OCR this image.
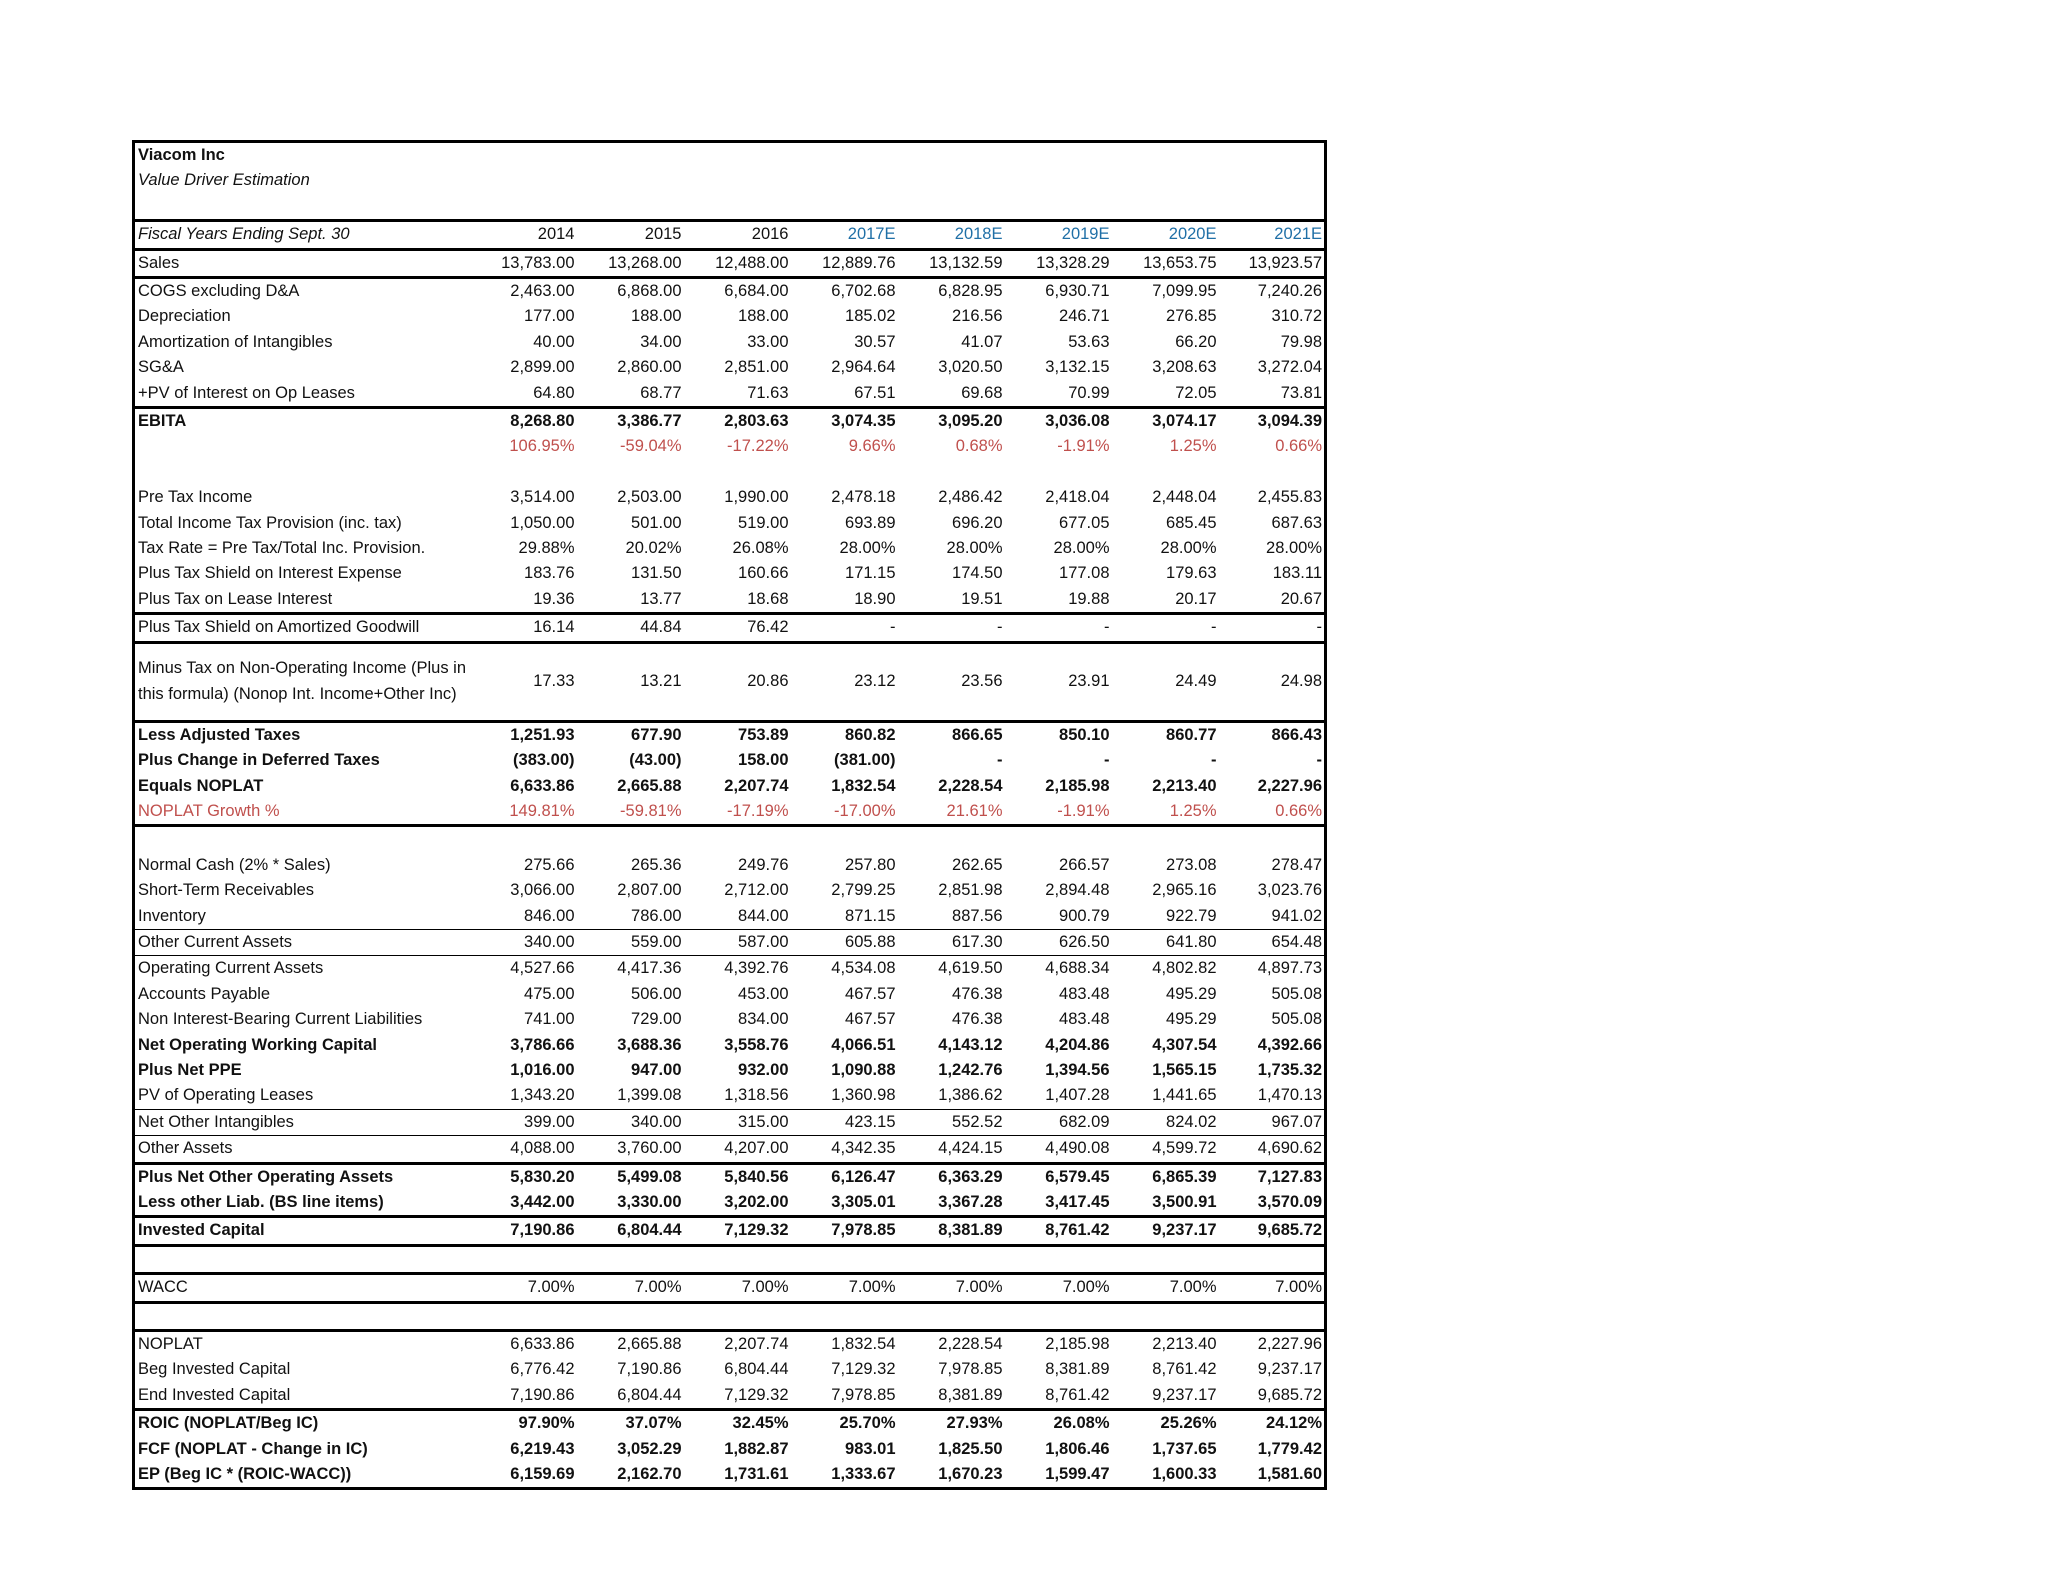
Viacom Inc								
Value Driver Estimation								

Fiscal Years Ending Sept. 30	2014	2015	2016	2017E	2018E	2019E	2020E	2021E
Sales	13,783.00	13,268.00	12,488.00	12,889.76	13,132.59	13,328.29	13,653.75	13,923.57
COGS excluding D&A	2,463.00	6,868.00	6,684.00	6,702.68	6,828.95	6,930.71	7,099.95	7,240.26
Depreciation	177.00	188.00	188.00	185.02	216.56	246.71	276.85	310.72
Amortization of Intangibles	40.00	34.00	33.00	30.57	41.07	53.63	66.20	79.98
SG&A	2,899.00	2,860.00	2,851.00	2,964.64	3,020.50	3,132.15	3,208.63	3,272.04
+PV of Interest on Op Leases	64.80	68.77	71.63	67.51	69.68	70.99	72.05	73.81
EBITA	8,268.80	3,386.77	2,803.63	3,074.35	3,095.20	3,036.08	3,074.17	3,094.39
	106.95%	-59.04%	-17.22%	9.66%	0.68%	-1.91%	1.25%	0.66%

Pre Tax Income	3,514.00	2,503.00	1,990.00	2,478.18	2,486.42	2,418.04	2,448.04	2,455.83
Total Income Tax Provision (inc. tax)	1,050.00	501.00	519.00	693.89	696.20	677.05	685.45	687.63
Tax Rate = Pre Tax/Total Inc. Provision.	29.88%	20.02%	26.08%	28.00%	28.00%	28.00%	28.00%	28.00%
Plus Tax Shield on Interest Expense	183.76	131.50	160.66	171.15	174.50	177.08	179.63	183.11
Plus Tax on Lease Interest	19.36	13.77	18.68	18.90	19.51	19.88	20.17	20.67
Plus Tax Shield on Amortized Goodwill	16.14	44.84	76.42	-	-	-	-	-
Minus Tax on Non-Operating Income (Plus in this formula) (Nonop Int. Income+Other Inc)	17.33	13.21	20.86	23.12	23.56	23.91	24.49	24.98
Less Adjusted Taxes	1,251.93	677.90	753.89	860.82	866.65	850.10	860.77	866.43
Plus Change in Deferred Taxes	(383.00)	(43.00)	158.00	(381.00)	-	-	-	-
Equals NOPLAT	6,633.86	2,665.88	2,207.74	1,832.54	2,228.54	2,185.98	2,213.40	2,227.96
NOPLAT Growth %	149.81%	-59.81%	-17.19%	-17.00%	21.61%	-1.91%	1.25%	0.66%

Normal Cash (2% * Sales)	275.66	265.36	249.76	257.80	262.65	266.57	273.08	278.47
Short-Term Receivables	3,066.00	2,807.00	2,712.00	2,799.25	2,851.98	2,894.48	2,965.16	3,023.76
Inventory	846.00	786.00	844.00	871.15	887.56	900.79	922.79	941.02
Other Current Assets	340.00	559.00	587.00	605.88	617.30	626.50	641.80	654.48
Operating Current Assets	4,527.66	4,417.36	4,392.76	4,534.08	4,619.50	4,688.34	4,802.82	4,897.73
Accounts Payable	475.00	506.00	453.00	467.57	476.38	483.48	495.29	505.08
Non Interest-Bearing Current Liabilities	741.00	729.00	834.00	467.57	476.38	483.48	495.29	505.08
Net Operating Working Capital	3,786.66	3,688.36	3,558.76	4,066.51	4,143.12	4,204.86	4,307.54	4,392.66
Plus Net PPE	1,016.00	947.00	932.00	1,090.88	1,242.76	1,394.56	1,565.15	1,735.32
PV of Operating Leases	1,343.20	1,399.08	1,318.56	1,360.98	1,386.62	1,407.28	1,441.65	1,470.13
Net Other Intangibles	399.00	340.00	315.00	423.15	552.52	682.09	824.02	967.07
Other Assets	4,088.00	3,760.00	4,207.00	4,342.35	4,424.15	4,490.08	4,599.72	4,690.62
Plus Net Other Operating Assets	5,830.20	5,499.08	5,840.56	6,126.47	6,363.29	6,579.45	6,865.39	7,127.83
Less other Liab. (BS line items)	3,442.00	3,330.00	3,202.00	3,305.01	3,367.28	3,417.45	3,500.91	3,570.09
Invested Capital	7,190.86	6,804.44	7,129.32	7,978.85	8,381.89	8,761.42	9,237.17	9,685.72

WACC	7.00%	7.00%	7.00%	7.00%	7.00%	7.00%	7.00%	7.00%

NOPLAT	6,633.86	2,665.88	2,207.74	1,832.54	2,228.54	2,185.98	2,213.40	2,227.96
Beg Invested Capital	6,776.42	7,190.86	6,804.44	7,129.32	7,978.85	8,381.89	8,761.42	9,237.17
End Invested Capital	7,190.86	6,804.44	7,129.32	7,978.85	8,381.89	8,761.42	9,237.17	9,685.72
ROIC (NOPLAT/Beg IC)	97.90%	37.07%	32.45%	25.70%	27.93%	26.08%	25.26%	24.12%
FCF (NOPLAT - Change in IC)	6,219.43	3,052.29	1,882.87	983.01	1,825.50	1,806.46	1,737.65	1,779.42
EP (Beg IC * (ROIC-WACC))	6,159.69	2,162.70	1,731.61	1,333.67	1,670.23	1,599.47	1,600.33	1,581.60
